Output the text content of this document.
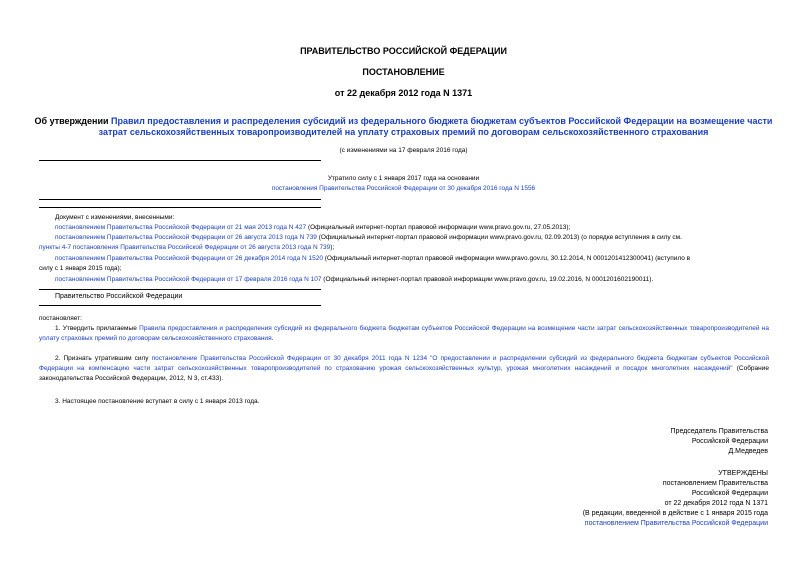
ПРАВИТЕЛЬСТВО РОССИЙСКОЙ ФЕДЕРАЦИИ
ПОСТАНОВЛЕНИЕ
от 22 декабря 2012 года N 1371
Об утверждении Правил предоставления и распределения субсидий из федерального бюджета бюджетам субъектов Российской Федерации на возмещение части
затрат сельскохозяйственных товаропроизводителей на уплату страховых премий по договорам сельскохозяйственного страхования
(с изменениями на 17 февраля 2016 года)
Утратило силу с 1 января 2017 года на основании
постановления Правительства Российской Федерации от 30 декабря 2016 года N 1556
Документ с изменениями, внесенными:
постановлением Правительства Российской Федерации от 21 мая 2013 года N 427 (Официальный интернет-портал правовой информации www.pravo.gov.ru, 27.05.2013);
постановлением Правительства Российской Федерации от 26 августа 2013 года N 739 (Официальный интернет-портал правовой информации www.pravo.gov.ru, 02.09.2013) (о порядке вступления в силу см.
пункты 4-7 постановления Правительства Российской Федерации от 26 августа 2013 года N 739);
постановлением Правительства Российской Федерации от 26 декабря 2014 года N 1520 (Официальный интернет-портал правовой информации www.pravo.gov.ru, 30.12.2014, N 0001201412300041) (вступило в
силу с 1 января 2015 года);
постановлением Правительства Российской Федерации от 17 февраля 2016 года N 107 (Официальный интернет-портал правовой информации www.pravo.gov.ru, 19.02.2016, N 0001201602190011).
Правительство Российской Федерации
постановляет:
1. Утвердить прилагаемые Правила предоставления и распределения субсидий из федерального бюджета бюджетам субъектов Российской Федерации на возмещение части затрат сельскохозяйственных товаропроизводителей на уплату страховых премий по договорам сельскохозяйственного страхования.
2. Признать утратившим силу постановление Правительства Российской Федерации от 30 декабря 2011 года N 1234 "О предоставлении и распределении субсидий из федерального бюджета бюджетам субъектов Российской Федерации на компенсацию части затрат сельскохозяйственных товаропроизводителей по страхованию урожая сельскохозяйственных культур, урожая многолетних насаждений и посадок многолетних насаждений" (Собрание законодательства Российской Федерации, 2012, N 3, ст.433).
3. Настоящее постановление вступает в силу с 1 января 2013 года.
Председатель Правительства
Российской Федерации
Д.Медведев
УТВЕРЖДЕНЫ
постановлением Правительства
Российской Федерации
от 22 декабря 2012 года N 1371
(В редакции, введенной в действие с 1 января 2015 года
постановлением Правительства Российской Федерации
